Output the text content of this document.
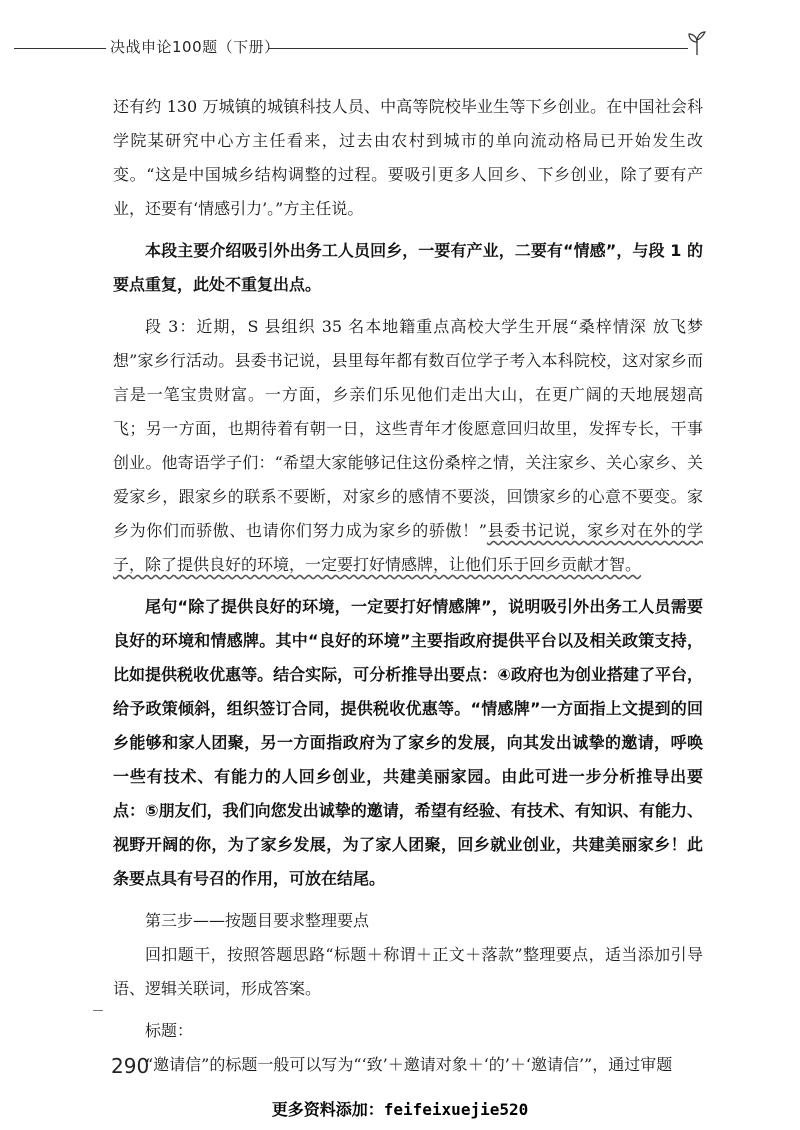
决战申论100题（下册）

还有约 130 万城镇的城镇科技人员、中高等院校毕业生等下乡创业。在中国社会科学院某研究中心方主任看来，过去由农村到城市的单向流动格局已开始发生改变。“这是中国城乡结构调整的过程。要吸引更多人回乡、下乡创业，除了要有产业，还要有‘情感引力’。”方主任说。

本段主要介绍吸引外出务工人员回乡，一要有产业，二要有“情感”，与段 1 的要点重复，此处不重复出点。

段 3：近期，S 县组织 35 名本地籍重点高校大学生开展“桑梓情深 放飞梦想”家乡行活动。县委书记说，县里每年都有数百位学子考入本科院校，这对家乡而言是一笔宝贵财富。一方面，乡亲们乐见他们走出大山，在更广阔的天地展翅高飞；另一方面，也期待着有朝一日，这些青年才俊愿意回归故里，发挥专长，干事创业。他寄语学子们：“希望大家能够记住这份桑梓之情，关注家乡、关心家乡、关爱家乡，跟家乡的联系不要断，对家乡的感情不要淡，回馈家乡的心意不要变。家乡为你们而骄傲、也请你们努力成为家乡的骄傲！”县委书记说，家乡对在外的学子，除了提供良好的环境，一定要打好情感牌，让他们乐于回乡贡献才智。

尾句“除了提供良好的环境，一定要打好情感牌”，说明吸引外出务工人员需要良好的环境和情感牌。其中“良好的环境”主要指政府提供平台以及相关政策支持，比如提供税收优惠等。结合实际，可分析推导出要点：④政府也为创业搭建了平台，给予政策倾斜，组织签订合同，提供税收优惠等。“情感牌”一方面指上文提到的回乡能够和家人团聚，另一方面指政府为了家乡的发展，向其发出诚挚的邀请，呼唤一些有技术、有能力的人回乡创业，共建美丽家园。由此可进一步分析推导出要点：⑤朋友们，我们向您发出诚挚的邀请，希望有经验、有技术、有知识、有能力、视野开阔的你，为了家乡发展，为了家人团聚，回乡就业创业，共建美丽家乡！此条要点具有号召的作用，可放在结尾。

第三步——按题目要求整理要点

回扣题干，按照答题思路“标题＋称谓＋正文＋落款”整理要点，适当添加引导语、逻辑关联词，形成答案。

标题：

“邀请信”的标题一般可以写为“‘致’＋邀请对象＋‘的’＋‘邀请信’”，通过审题

290
更多资料添加：feifeixuejie520
